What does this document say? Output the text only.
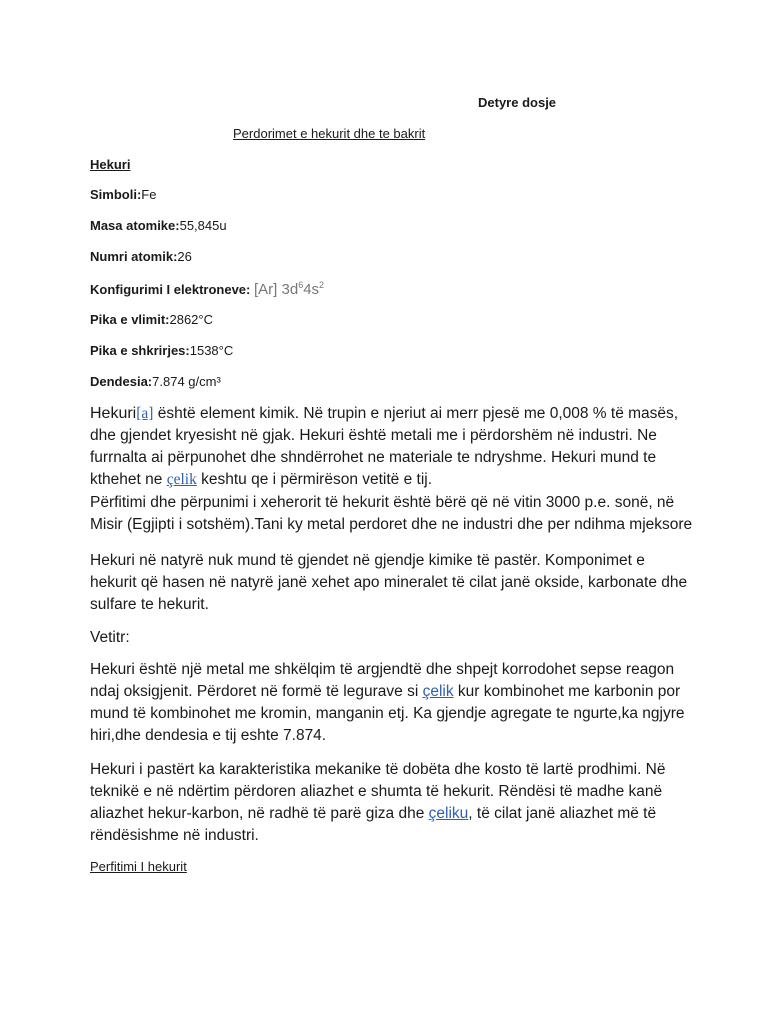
Detyre dosje
Perdorimet e hekurit dhe te bakrit
Hekuri
Simboli:Fe
Masa atomike:55,845u
Numri atomik:26
Konfigurimi I elektroneve: [Ar] $3d^64s^2$
Pika e vlimit:2862°C
Pika e shkrirjes:1538°C
Dendesia:7.874 g/cm³

Hekuri[a] është element kimik. Në trupin e njeriut ai merr pjesë me 0,008 % të masës,

dhe gjendet kryesisht në gjak. Hekuri është metali me i përdorshëm në industri. Ne

furrnalta ai përpunohet dhe shndërrohet ne materiale te ndryshme. Hekuri mund te

kthehet ne çelik keshtu qe i përmirëson vetitë e tij.

Përfitimi dhe përpunimi i xeherorit të hekurit është bërë që në vitin 3000 p.e. sonë, në

Misir (Egjipti i sotshëm).Tani ky metal perdoret dhe ne industri dhe per ndihma mjeksore

Hekuri në natyrë nuk mund të gjendet në gjendje kimike të pastër. Komponimet e

hekurit që hasen në natyrë janë xehet apo mineralet të cilat janë okside, karbonate dhe

sulfare te hekurit.

Vetitr:

Hekuri është një metal me shkëlqim të argjendtë dhe shpejt korrodohet sepse reagon

ndaj oksigjenit. Përdoret në formë të legurave si çelik kur kombinohet me karbonin por

mund të kombinohet me kromin, manganin etj. Ka gjendje agregate te ngurte,ka ngjyre

hiri,dhe dendesia e tij eshte 7.874.

Hekuri i pastërt ka karakteristika mekanike të dobëta dhe kosto të lartë prodhimi. Në

teknikë e në ndërtim përdoren aliazhet e shumta të hekurit. Rëndësi të madhe kanë

aliazhet hekur-karbon, në radhë të parë giza dhe çeliku, të cilat janë aliazhet më të

rëndësishme në industri.

Perfitimi I hekurit
